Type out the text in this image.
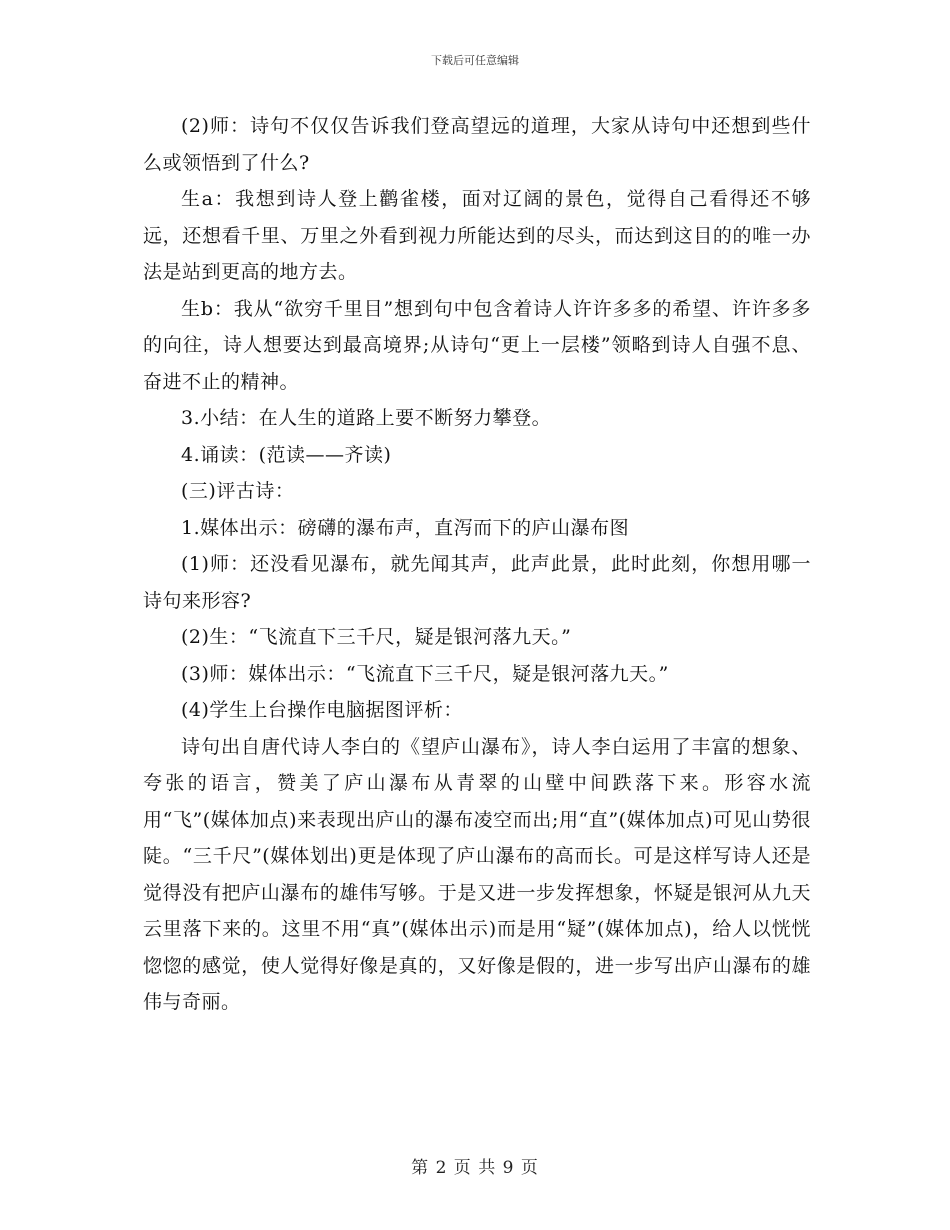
下载后可任意编辑

(2)师：诗句不仅仅告诉我们登高望远的道理，大家从诗句中还想到些什么或领悟到了什么?

生a：我想到诗人登上鹳雀楼，面对辽阔的景色，觉得自己看得还不够远，还想看千里、万里之外看到视力所能达到的尽头，而达到这目的的唯一办法是站到更高的地方去。

生b：我从“欲穷千里目”想到句中包含着诗人许许多多的希望、许许多多的向往，诗人想要达到最高境界;从诗句“更上一层楼”领略到诗人自强不息、奋进不止的精神。

3.小结：在人生的道路上要不断努力攀登。

4.诵读：(范读——齐读)

(三)评古诗：

1.媒体出示：磅礴的瀑布声，直泻而下的庐山瀑布图

(1)师：还没看见瀑布，就先闻其声，此声此景，此时此刻，你想用哪一诗句来形容?

(2)生：“飞流直下三千尺，疑是银河落九天。”

(3)师：媒体出示：“飞流直下三千尺，疑是银河落九天。”

(4)学生上台操作电脑据图评析：

诗句出自唐代诗人李白的《望庐山瀑布》，诗人李白运用了丰富的想象、夸张的语言，赞美了庐山瀑布从青翠的山壁中间跌落下来。形容水流用“飞”(媒体加点)来表现出庐山的瀑布凌空而出;用“直”(媒体加点)可见山势很陡。“三千尺”(媒体划出)更是体现了庐山瀑布的高而长。可是这样写诗人还是觉得没有把庐山瀑布的雄伟写够。于是又进一步发挥想象，怀疑是银河从九天云里落下来的。这里不用“真”(媒体出示)而是用“疑”(媒体加点)，给人以恍恍惚惚的感觉，使人觉得好像是真的，又好像是假的，进一步写出庐山瀑布的雄伟与奇丽。

第 2 页 共 9 页
